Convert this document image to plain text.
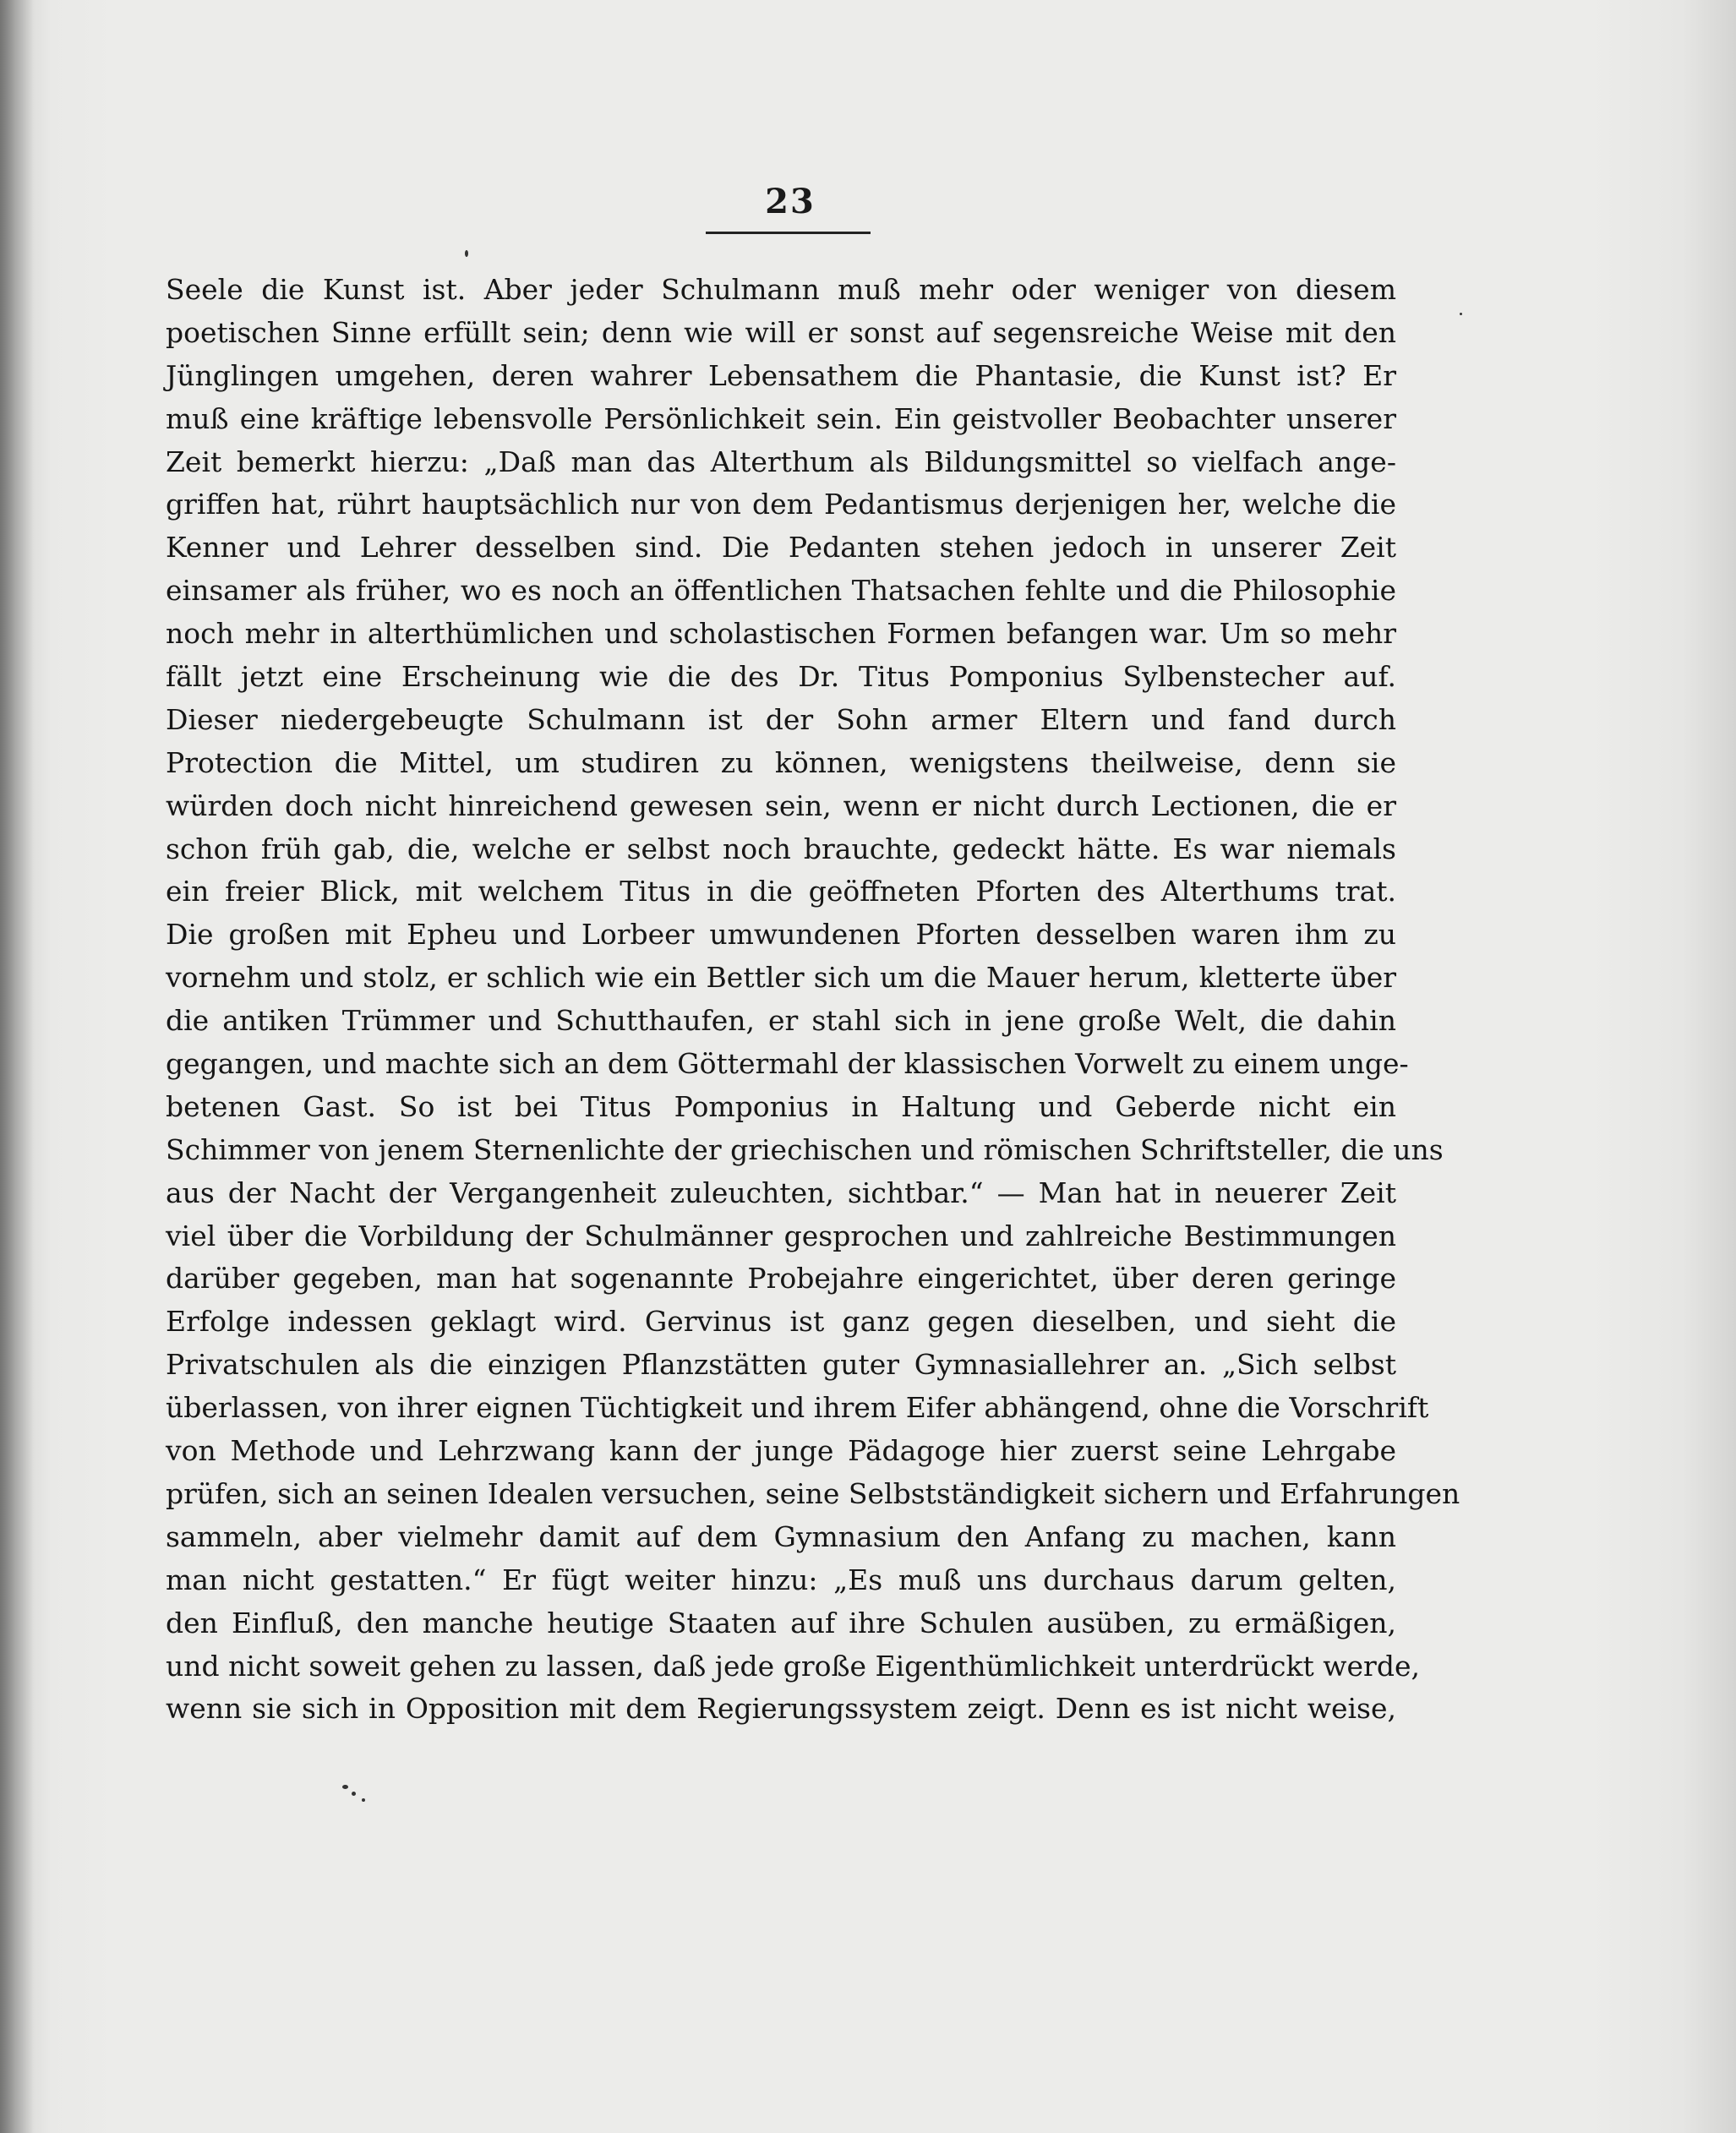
23
Seele die Kunst ist. Aber jeder Schulmann muß mehr oder weniger von diesem
poetischen Sinne erfüllt sein; denn wie will er sonst auf segensreiche Weise mit den
Jünglingen umgehen, deren wahrer Lebensathem die Phantasie, die Kunst ist? Er
muß eine kräftige lebensvolle Persönlichkeit sein. Ein geistvoller Beobachter unserer
Zeit bemerkt hierzu: „Daß man das Alterthum als Bildungsmittel so vielfach ange-
griffen hat, rührt hauptsächlich nur von dem Pedantismus derjenigen her, welche die
Kenner und Lehrer desselben sind. Die Pedanten stehen jedoch in unserer Zeit
einsamer als früher, wo es noch an öffentlichen Thatsachen fehlte und die Philosophie
noch mehr in alterthümlichen und scholastischen Formen befangen war. Um so mehr
fällt jetzt eine Erscheinung wie die des Dr. Titus Pomponius Sylbenstecher auf.
Dieser niedergebeugte Schulmann ist der Sohn armer Eltern und fand durch
Protection die Mittel, um studiren zu können, wenigstens theilweise, denn sie
würden doch nicht hinreichend gewesen sein, wenn er nicht durch Lectionen, die er
schon früh gab, die, welche er selbst noch brauchte, gedeckt hätte. Es war niemals
ein freier Blick, mit welchem Titus in die geöffneten Pforten des Alterthums trat.
Die großen mit Epheu und Lorbeer umwundenen Pforten desselben waren ihm zu
vornehm und stolz, er schlich wie ein Bettler sich um die Mauer herum, kletterte über
die antiken Trümmer und Schutthaufen, er stahl sich in jene große Welt, die dahin
gegangen, und machte sich an dem Göttermahl der klassischen Vorwelt zu einem unge-
betenen Gast. So ist bei Titus Pomponius in Haltung und Geberde nicht ein
Schimmer von jenem Sternenlichte der griechischen und römischen Schriftsteller, die uns
aus der Nacht der Vergangenheit zuleuchten, sichtbar.“ — Man hat in neuerer Zeit
viel über die Vorbildung der Schulmänner gesprochen und zahlreiche Bestimmungen
darüber gegeben, man hat sogenannte Probejahre eingerichtet, über deren geringe
Erfolge indessen geklagt wird. Gervinus ist ganz gegen dieselben, und sieht die
Privatschulen als die einzigen Pflanzstätten guter Gymnasiallehrer an. „Sich selbst
überlassen, von ihrer eignen Tüchtigkeit und ihrem Eifer abhängend, ohne die Vorschrift
von Methode und Lehrzwang kann der junge Pädagoge hier zuerst seine Lehrgabe
prüfen, sich an seinen Idealen versuchen, seine Selbstständigkeit sichern und Erfahrungen
sammeln, aber vielmehr damit auf dem Gymnasium den Anfang zu machen, kann
man nicht gestatten.“ Er fügt weiter hinzu: „Es muß uns durchaus darum gelten,
den Einfluß, den manche heutige Staaten auf ihre Schulen ausüben, zu ermäßigen,
und nicht soweit gehen zu lassen, daß jede große Eigenthümlichkeit unterdrückt werde,
wenn sie sich in Opposition mit dem Regierungssystem zeigt. Denn es ist nicht weise,
